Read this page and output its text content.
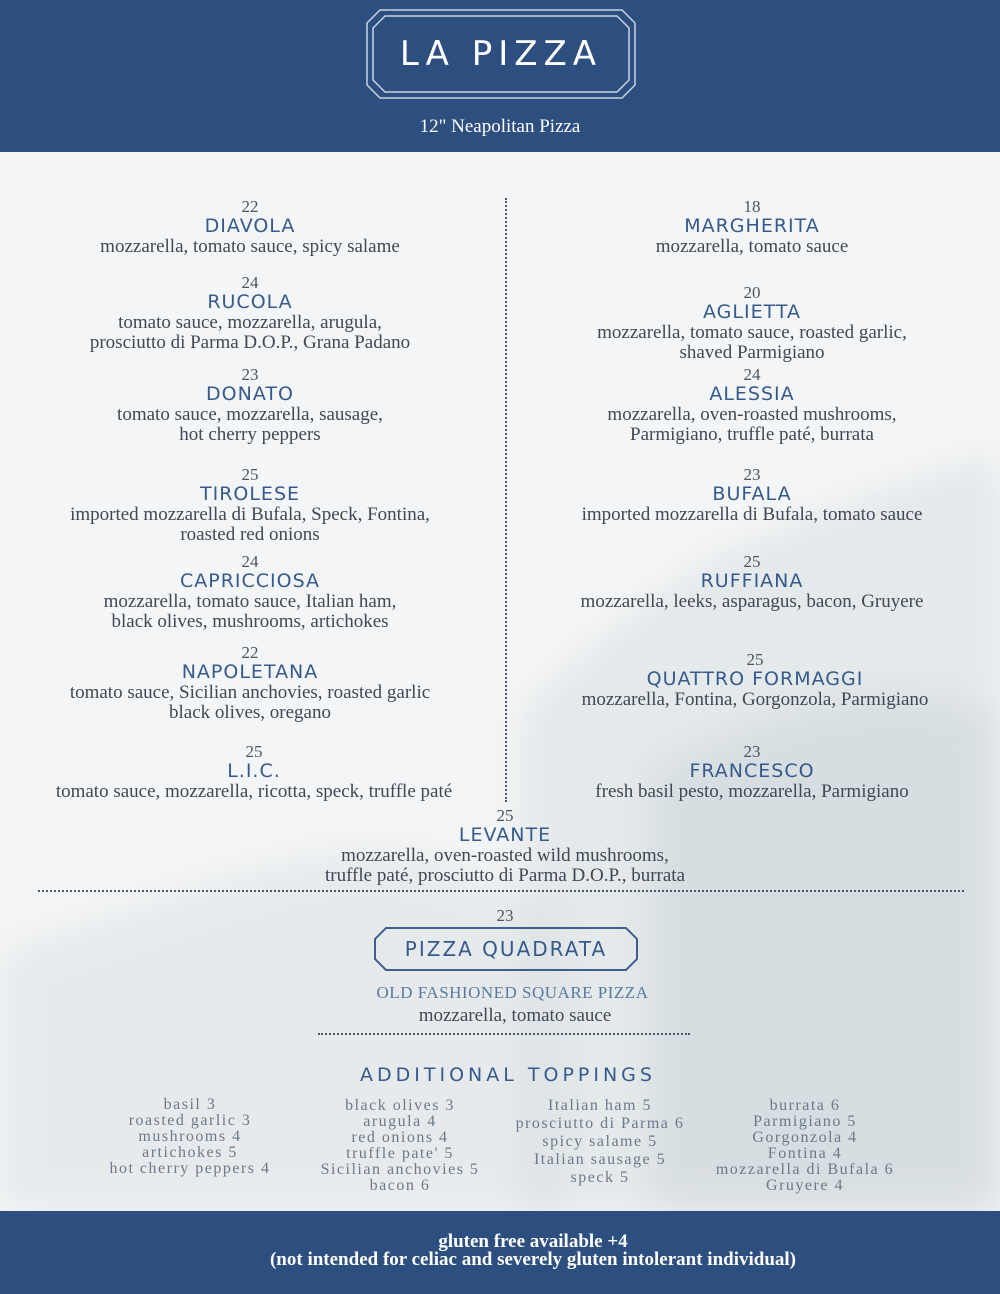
LA PIZZA
12" Neapolitan Pizza
22
DIAVOLA
mozzarella, tomato sauce, spicy salame
24
RUCOLA
tomato sauce, mozzarella, arugula,
prosciutto di Parma D.O.P., Grana Padano
23
DONATO
tomato sauce, mozzarella, sausage,
hot cherry peppers
25
TIROLESE
imported mozzarella di Bufala, Speck, Fontina,
roasted red onions
24
CAPRICCIOSA
mozzarella, tomato sauce, Italian ham,
black olives, mushrooms, artichokes
22
NAPOLETANA
tomato sauce, Sicilian anchovies, roasted garlic
black olives, oregano
25
L.I.C.
tomato sauce, mozzarella, ricotta, speck, truffle paté
18
MARGHERITA
mozzarella, tomato sauce
20
AGLIETTA
mozzarella, tomato sauce, roasted garlic,
shaved Parmigiano
24
ALESSIA
mozzarella, oven-roasted mushrooms,
Parmigiano, truffle paté, burrata
23
BUFALA
imported mozzarella di Bufala, tomato sauce
25
RUFFIANA
mozzarella, leeks, asparagus, bacon, Gruyere
25
QUATTRO FORMAGGI
mozzarella, Fontina, Gorgonzola, Parmigiano
23
FRANCESCO
fresh basil pesto, mozzarella, Parmigiano
25
LEVANTE
mozzarella, oven-roasted wild mushrooms,
truffle paté, prosciutto di Parma D.O.P., burrata
23
PIZZA QUADRATA
OLD FASHIONED SQUARE PIZZA
mozzarella, tomato sauce
ADDITIONAL TOPPINGS
basil 3
roasted garlic 3
mushrooms 4
artichokes 5
hot cherry peppers 4
black olives 3
arugula 4
red onions 4
truffle pate' 5
Sicilian anchovies 5
bacon 6
Italian ham 5
prosciutto di Parma 6
spicy salame 5
Italian sausage 5
speck 5
burrata 6
Parmigiano 5
Gorgonzola 4
Fontina 4
mozzarella di Bufala 6
Gruyere 4
gluten free available +4
(not intended for celiac and severely gluten intolerant individual)
